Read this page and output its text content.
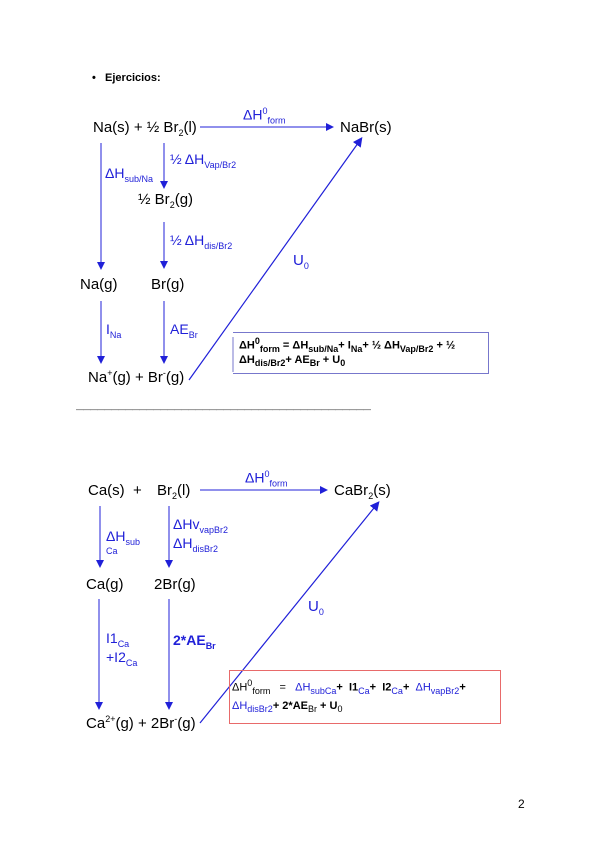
•   Ejercicios:
Na(s) + ½ $Br_2(l)$
$\Delta H^0_{form}$	NaBr(s)
$\Delta H_{sub/Na}$
½ $\Delta H_{Vap/Br2}$
½ $Br_2(g)$
½ $\Delta H_{dis/Br2}$
$U_0$
Na(g) Br(g)
$I_{Na}$	$AE_{Br}$
Na+(g) + Br-(g)
$\Delta H^0_{form} = \Delta H_{sub/Na}+ I_{Na}+$ ½ $\Delta H_{Vap/Br2}$ + ½
$\Delta H_{dis/Br2}+ AE_{Br} + U_0$
——————————————————————————————————————————
$Ca(s) + Br_2(l)$
$\Delta H^0_{form}$	CaBr$_2$(s)
$\Delta H_{sub}$
Ca
ΔHv$_{vapBr2}$
$\Delta H_{disBr2}$
Ca(g) 2Br(g)
$U_0$
$I1_{Ca}$
$+I2_{Ca}$
$2*AE_{Br}$
$Ca^{2+}(g) + 2Br^-(g)$
$\Delta H^0_{form} = \Delta H_{subCa}+ I1_{Ca}+ I2_{Ca}+ \Delta H_{vapBr2}+$
$\Delta H_{disBr2}+ 2*AE_{Br} + U_0$
2
